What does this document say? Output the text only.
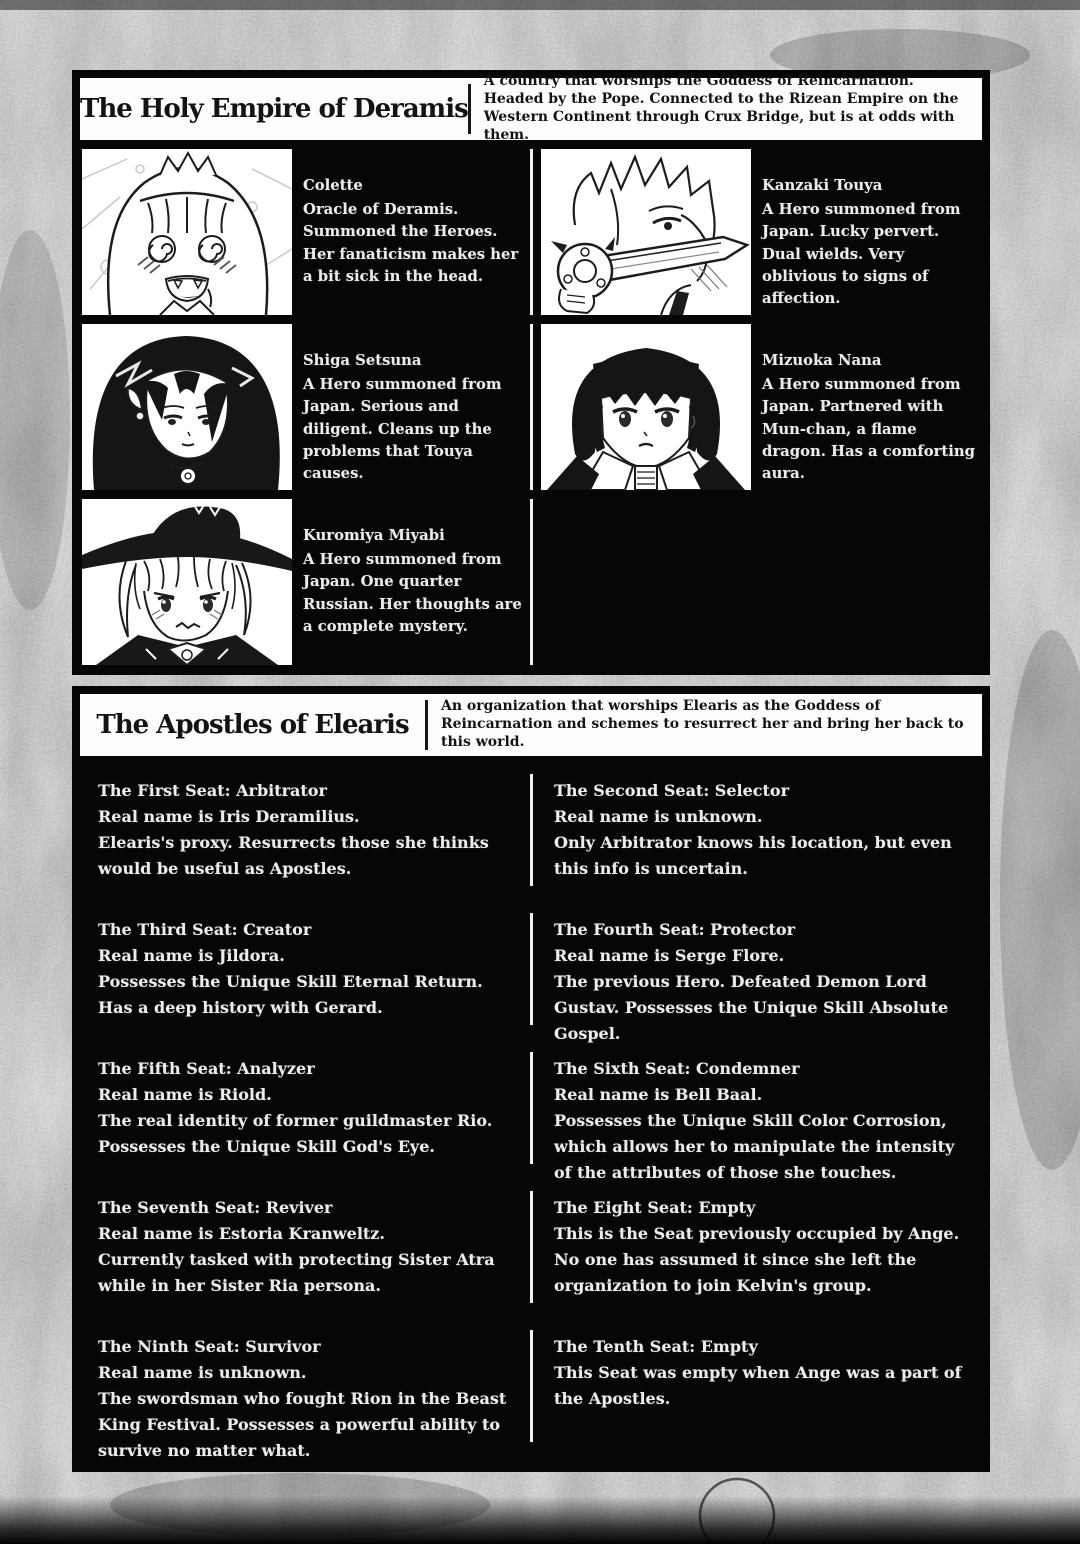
The Holy Empire of Deramis
A country that worships the Goddess of Reincarnation. Headed by the Pope. Connected to the Rizean Empire on the Western Continent through Crux Bridge, but is at odds with them.
Colette
Oracle of Deramis. Summoned the Heroes. Her fanaticism makes her a bit sick in the head.
Kanzaki Touya
A Hero summoned from Japan. Lucky pervert. Dual wields. Very oblivious to signs of affection.
Shiga Setsuna
A Hero summoned from Japan. Serious and diligent. Cleans up the problems that Touya causes.
Mizuoka Nana
A Hero summoned from Japan. Partnered with Mun-chan, a flame dragon. Has a comforting aura.
Kuromiya Miyabi
A Hero summoned from Japan. One quarter Russian. Her thoughts are a complete mystery.
The Apostles of Elearis
An organization that worships Elearis as the Goddess of Reincarnation and schemes to resurrect her and bring her back to this world.
The First Seat: Arbitrator
Real name is Iris Deramilius.
Elearis's proxy. Resurrects those she thinks would be useful as Apostles.
The Second Seat: Selector
Real name is unknown.
Only Arbitrator knows his location, but even this info is uncertain.
The Third Seat: Creator
Real name is Jildora.
Possesses the Unique Skill Eternal Return. Has a deep history with Gerard.
The Fourth Seat: Protector
Real name is Serge Flore.
The previous Hero. Defeated Demon Lord Gustav. Possesses the Unique Skill Absolute Gospel.
The Fifth Seat: Analyzer
Real name is Riold.
The real identity of former guildmaster Rio. Possesses the Unique Skill God's Eye.
The Sixth Seat: Condemner
Real name is Bell Baal.
Possesses the Unique Skill Color Corrosion, which allows her to manipulate the intensity of the attributes of those she touches.
The Seventh Seat: Reviver
Real name is Estoria Kranweltz.
Currently tasked with protecting Sister Atra while in her Sister Ria persona.
The Eight Seat: Empty
This is the Seat previously occupied by Ange. No one has assumed it since she left the organization to join Kelvin's group.
The Ninth Seat: Survivor
Real name is unknown.
The swordsman who fought Rion in the Beast King Festival. Possesses a powerful ability to survive no matter what.
The Tenth Seat: Empty
This Seat was empty when Ange was a part of the Apostles.
